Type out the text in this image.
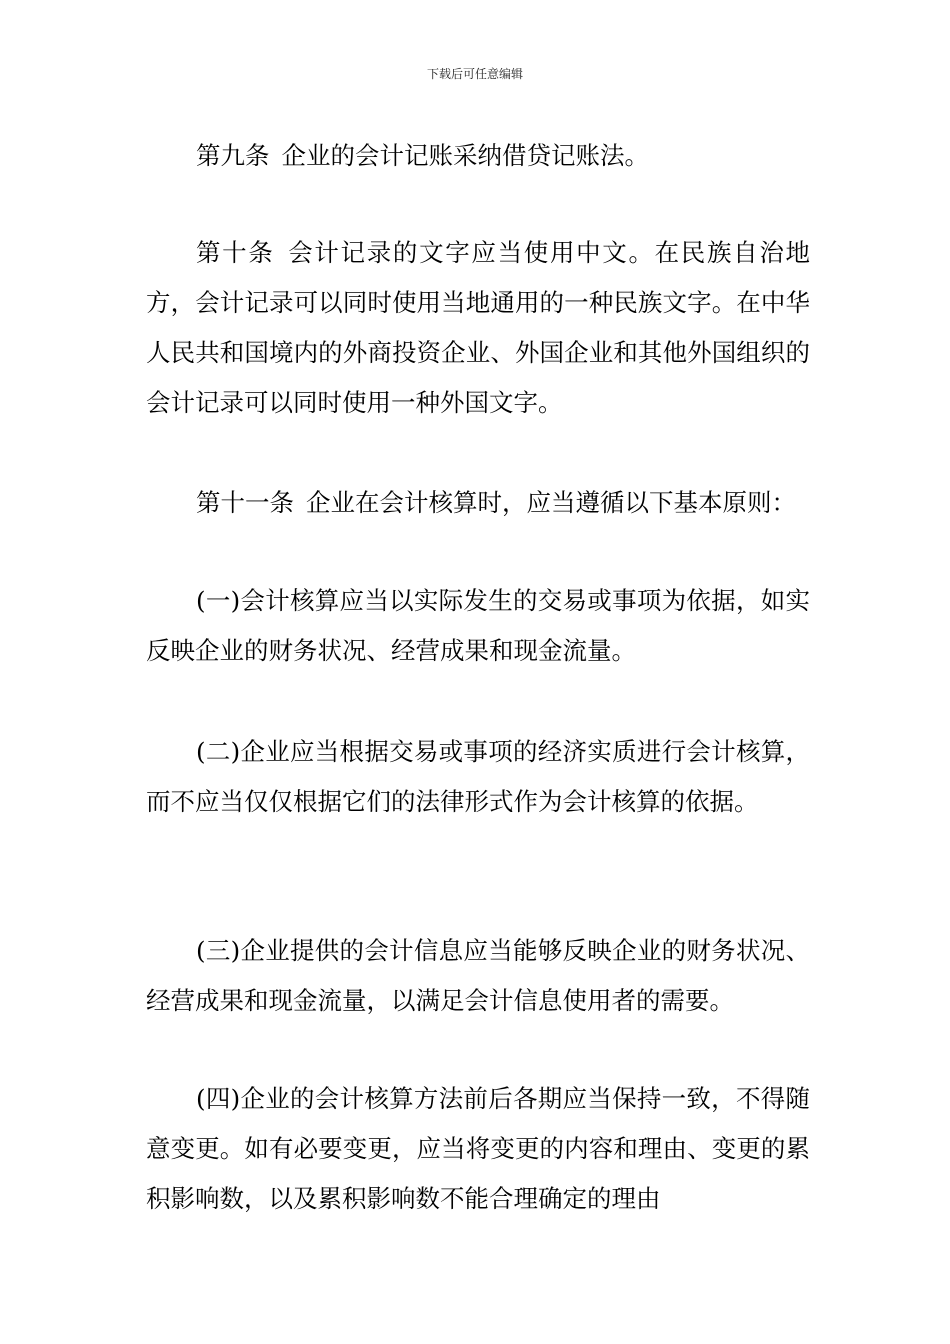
下载后可任意编辑

第九条 企业的会计记账采纳借贷记账法。

第十条 会计记录的文字应当使用中文。在民族自治地方，会计记录可以同时使用当地通用的一种民族文字。在中华人民共和国境内的外商投资企业、外国企业和其他外国组织的会计记录可以同时使用一种外国文字。

第十一条 企业在会计核算时，应当遵循以下基本原则：

(一)会计核算应当以实际发生的交易或事项为依据，如实反映企业的财务状况、经营成果和现金流量。

(二)企业应当根据交易或事项的经济实质进行会计核算，而不应当仅仅根据它们的法律形式作为会计核算的依据。

(三)企业提供的会计信息应当能够反映企业的财务状况、经营成果和现金流量，以满足会计信息使用者的需要。

(四)企业的会计核算方法前后各期应当保持一致，不得随意变更。如有必要变更，应当将变更的内容和理由、变更的累积影响数，以及累积影响数不能合理确定的理由
